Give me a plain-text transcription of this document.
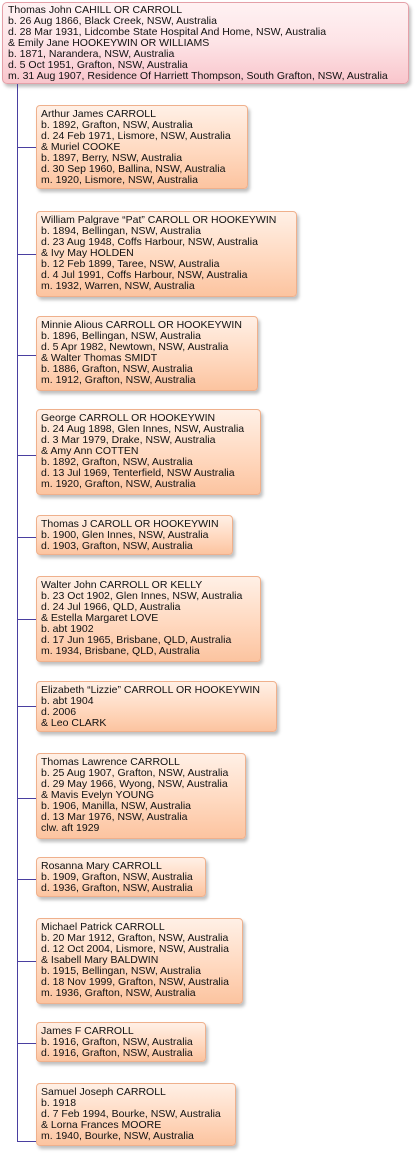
Thomas John CAHILL OR CARROLL
b. 26 Aug 1866, Black Creek, NSW, Australia
d. 28 Mar 1931, Lidcombe State Hospital And Home, NSW, Australia
& Emily Jane HOOKEYWIN OR WILLIAMS
b. 1871, Narandera, NSW, Australia
d. 5 Oct 1951, Grafton, NSW, Australia
m. 31 Aug 1907, Residence Of Harriett Thompson, South Grafton, NSW, Australia
Arthur James CARROLL
b. 1892, Grafton, NSW, Australia
d. 24 Feb 1971, Lismore, NSW, Australia
& Muriel COOKE
b. 1897, Berry, NSW, Australia
d. 30 Sep 1960, Ballina, NSW, Australia
m. 1920, Lismore, NSW, Australia
William Palgrave “Pat” CAROLL OR HOOKEYWIN
b. 1894, Bellingan, NSW, Australia
d. 23 Aug 1948, Coffs Harbour, NSW, Australia
& Ivy May HOLDEN
b. 12 Feb 1899, Taree, NSW, Australia
d. 4 Jul 1991, Coffs Harbour, NSW, Australia
m. 1932, Warren, NSW, Australia
Minnie Alious CARROLL OR HOOKEYWIN
b. 1896, Bellingan, NSW, Australia
d. 5 Apr 1982, Newtown, NSW, Australia
& Walter Thomas SMIDT
b. 1886, Grafton, NSW, Australia
m. 1912, Grafton, NSW, Australia
George CARROLL OR HOOKEYWIN
b. 24 Aug 1898, Glen Innes, NSW, Australia
d. 3 Mar 1979, Drake, NSW, Australia
& Amy Ann COTTEN
b. 1892, Grafton, NSW, Australia
d. 13 Jul 1969, Tenterfield, NSW Australia
m. 1920, Grafton, NSW, Australia
Thomas J CAROLL OR HOOKEYWIN
b. 1900, Glen Innes, NSW, Australia
d. 1903, Grafton, NSW, Australia
Walter John CARROLL OR KELLY
b. 23 Oct 1902, Glen Innes, NSW, Australia
d. 24 Jul 1966, QLD, Australia
& Estella Margaret LOVE
b. abt 1902
d. 17 Jun 1965, Brisbane, QLD, Australia
m. 1934, Brisbane, QLD, Australia
Elizabeth “Lizzie” CARROLL OR HOOKEYWIN
b. abt 1904
d. 2006
& Leo CLARK
Thomas Lawrence CARROLL
b. 25 Aug 1907, Grafton, NSW, Australia
d. 29 May 1966, Wyong, NSW, Australia
& Mavis Evelyn YOUNG
b. 1906, Manilla, NSW, Australia
d. 13 Mar 1976, NSW, Australia
clw. aft 1929
Rosanna Mary CARROLL
b. 1909, Grafton, NSW, Australia
d. 1936, Grafton, NSW, Australia
Michael Patrick CARROLL
b. 20 Mar 1912, Grafton, NSW, Australia
d. 12 Oct 2004, Lismore, NSW, Australia
& Isabell Mary BALDWIN
b. 1915, Bellingan, NSW, Australia
d. 18 Nov 1999, Grafton, NSW, Australia
m. 1936, Grafton, NSW, Australia
James F CARROLL
b. 1916, Grafton, NSW, Australia
d. 1916, Grafton, NSW, Australia
Samuel Joseph CARROLL
b. 1918
d. 7 Feb 1994, Bourke, NSW, Australia
& Lorna Frances MOORE
m. 1940, Bourke, NSW, Australia
